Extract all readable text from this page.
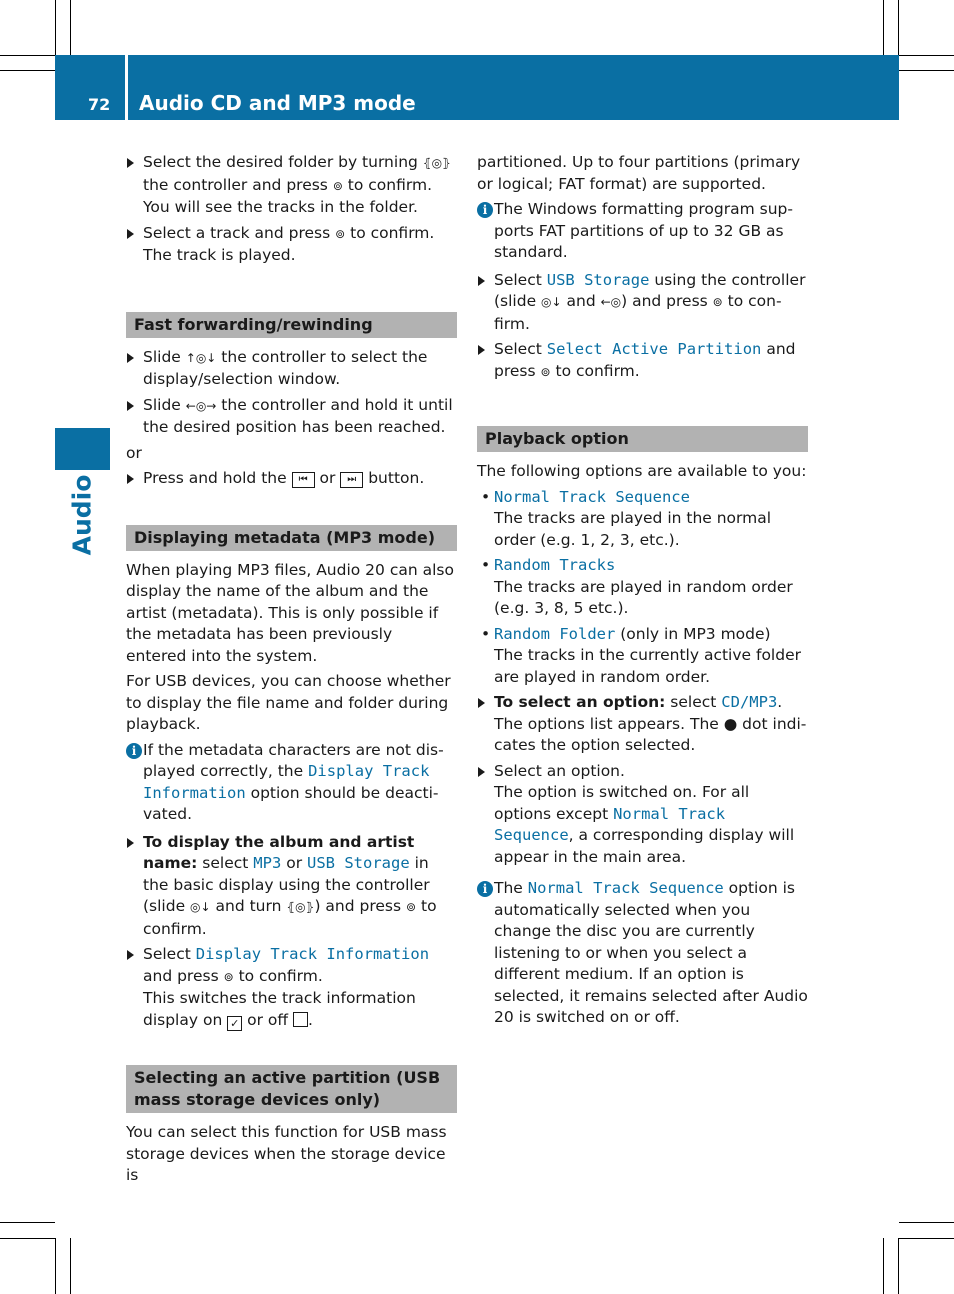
72 Audio CD and MP3 mode
Audio
Select the desired folder by turning ⦃◎⦄ the controller and press ⊚ to confirm.
You will see the tracks in the folder.
Select a track and press ⊚ to confirm.
The track is played.
Fast forwarding/rewinding
Slide ↑◎↓ the controller to select the display/selection window.
Slide ←◎→ the controller and hold it until the desired position has been reached.
or
Press and hold the ⏮ or ⏭ button.
Displaying metadata (MP3 mode)
When playing MP3 files, Audio 20 can also display the name of the album and the artist (metadata). This is only possible if the metadata has been previously entered into the system.
For USB devices, you can choose whether to display the file name and folder during playback.
i If the metadata characters are not displayed correctly, the Display Track Information option should be deactivated.
To display the album and artist name: select MP3 or USB Storage in the basic display using the controller (slide ◎↓ and turn ⦃◎⦄) and press ⊚ to confirm.
Select Display Track Information and press ⊚ to confirm.
This switches the track information display on ✓ or off .
Selecting an active partition (USB mass storage devices only)
You can select this function for USB mass storage devices when the storage device is
partitioned. Up to four partitions (primary or logical; FAT format) are supported.
i The Windows formatting program supports FAT partitions of up to 32 GB as standard.
Select USB Storage using the controller (slide ◎↓ and ←◎) and press ⊚ to confirm.
Select Select Active Partition and press ⊚ to confirm.
Playback option
The following options are available to you:
• Normal Track Sequence
The tracks are played in the normal order (e.g. 1, 2, 3, etc.).
• Random Tracks
The tracks are played in random order (e.g. 3, 8, 5 etc.).
• Random Folder (only in MP3 mode)
The tracks in the currently active folder are played in random order.
To select an option: select CD/MP3.
The options list appears. The ● dot indicates the option selected.
Select an option.
The option is switched on. For all options except Normal Track Sequence, a corresponding display will appear in the main area.
i The Normal Track Sequence option is automatically selected when you change the disc you are currently listening to or when you select a different medium. If an option is selected, it remains selected after Audio 20 is switched on or off.
